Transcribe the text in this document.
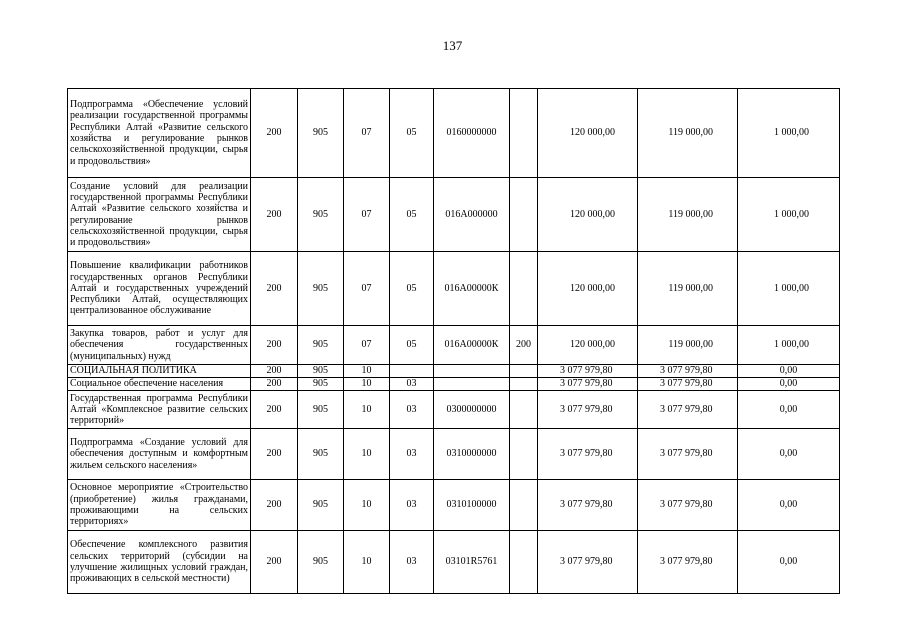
137
Подпрограмма «Обеспечение условий реализации государственной программы Республики Алтай «Развитие сельского хозяйства и регулирование рынков сельскохозяйственной продукции, сырья и продовольствия»	200	905	07	05	0160000000		120 000,00	119 000,00	1 000,00
Создание условий для реализации государственной программы Республики Алтай «Развитие сельского хозяйства и регулирование рынков сельскохозяйственной продукции, сырья и продовольствия»	200	905	07	05	016А000000		120 000,00	119 000,00	1 000,00
Повышение квалификации работников государственных органов Республики Алтай и государственных учреждений Республики Алтай, осуществляющих централизованное обслуживание	200	905	07	05	016А00000К		120 000,00	119 000,00	1 000,00
Закупка товаров, работ и услуг для обеспечения государственных (муниципальных) нужд	200	905	07	05	016А00000К	200	120 000,00	119 000,00	1 000,00
СОЦИАЛЬНАЯ ПОЛИТИКА	200	905	10				3 077 979,80	3 077 979,80	0,00
Социальное обеспечение населения	200	905	10	03			3 077 979,80	3 077 979,80	0,00
Государственная программа Республики Алтай «Комплексное развитие сельских территорий»	200	905	10	03	0300000000		3 077 979,80	3 077 979,80	0,00
Подпрограмма «Создание условий для обеспечения доступным и комфортным жильем сельского населения»	200	905	10	03	0310000000		3 077 979,80	3 077 979,80	0,00
Основное мероприятие «Строительство (приобретение) жилья гражданами, проживающими на сельских территориях»	200	905	10	03	0310100000		3 077 979,80	3 077 979,80	0,00
Обеспечение комплексного развития сельских территорий (субсидии на улучшение жилищных условий граждан, проживающих в сельской местности)	200	905	10	03	03101R5761		3 077 979,80	3 077 979,80	0,00
